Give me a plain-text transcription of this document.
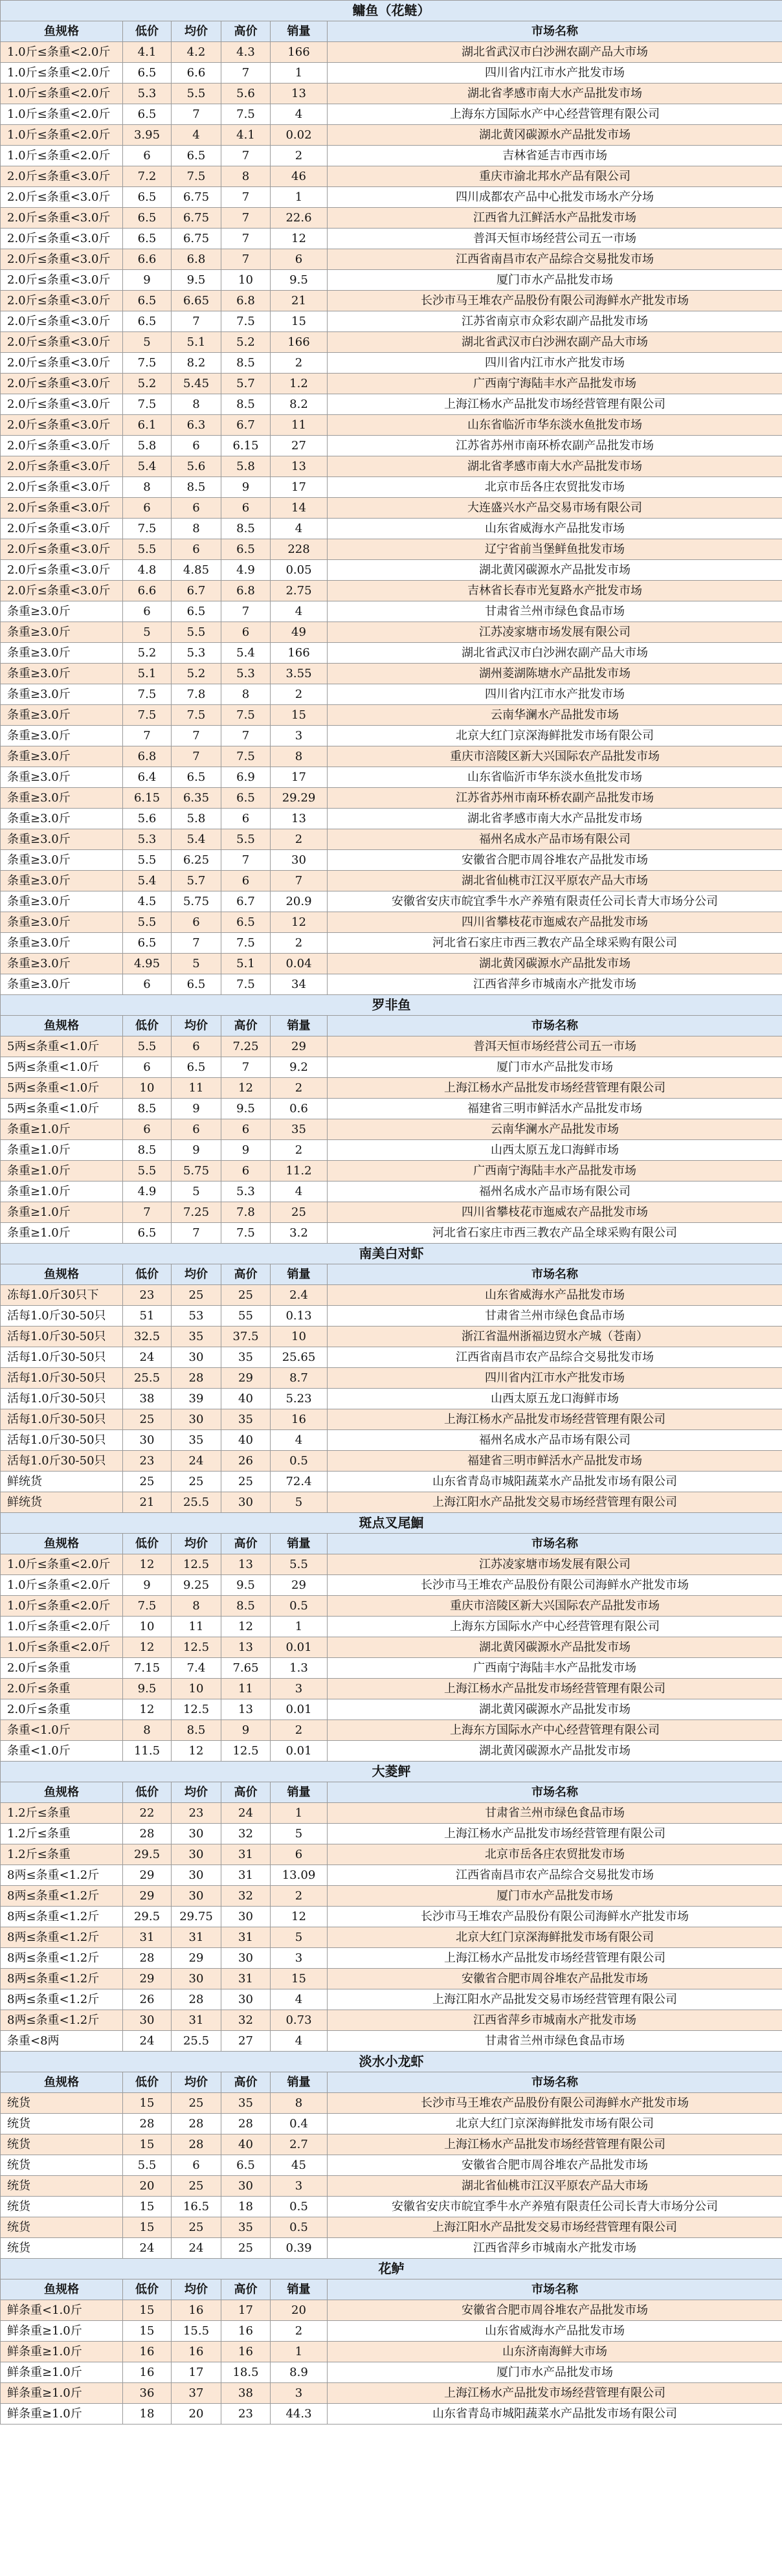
鳙鱼（花鲢）					
鱼规格	低价	均价	高价	销量	市场名称
1.0斤≤条重<2.0斤	4.1	4.2	4.3	166	湖北省武汉市白沙洲农副产品大市场
1.0斤≤条重<2.0斤	6.5	6.6	7	1	四川省内江市水产批发市场
1.0斤≤条重<2.0斤	5.3	5.5	5.6	13	湖北省孝感市南大水产品批发市场
1.0斤≤条重<2.0斤	6.5	7	7.5	4	上海东方国际水产中心经营管理有限公司
1.0斤≤条重<2.0斤	3.95	4	4.1	0.02	湖北黄冈碳源水产品批发市场
1.0斤≤条重<2.0斤	6	6.5	7	2	吉林省延吉市西市场
2.0斤≤条重<3.0斤	7.2	7.5	8	46	重庆市渝北邦水产品有限公司
2.0斤≤条重<3.0斤	6.5	6.75	7	1	四川成都农产品中心批发市场水产分场
2.0斤≤条重<3.0斤	6.5	6.75	7	22.6	江西省九江鲜活水产品批发市场
2.0斤≤条重<3.0斤	6.5	6.75	7	12	普洱天恒市场经营公司五一市场
2.0斤≤条重<3.0斤	6.6	6.8	7	6	江西省南昌市农产品综合交易批发市场
2.0斤≤条重<3.0斤	9	9.5	10	9.5	厦门市水产品批发市场
2.0斤≤条重<3.0斤	6.5	6.65	6.8	21	长沙市马王堆农产品股份有限公司海鲜水产批发市场
2.0斤≤条重<3.0斤	6.5	7	7.5	15	江苏省南京市众彩农副产品批发市场
2.0斤≤条重<3.0斤	5	5.1	5.2	166	湖北省武汉市白沙洲农副产品大市场
2.0斤≤条重<3.0斤	7.5	8.2	8.5	2	四川省内江市水产批发市场
2.0斤≤条重<3.0斤	5.2	5.45	5.7	1.2	广西南宁海陆丰水产品批发市场
2.0斤≤条重<3.0斤	7.5	8	8.5	8.2	上海江杨水产品批发市场经营管理有限公司
2.0斤≤条重<3.0斤	6.1	6.3	6.7	11	山东省临沂市华东淡水鱼批发市场
2.0斤≤条重<3.0斤	5.8	6	6.15	27	江苏省苏州市南环桥农副产品批发市场
2.0斤≤条重<3.0斤	5.4	5.6	5.8	13	湖北省孝感市南大水产品批发市场
2.0斤≤条重<3.0斤	8	8.5	9	17	北京市岳各庄农贸批发市场
2.0斤≤条重<3.0斤	6	6	6	14	大连盛兴水产品交易市场有限公司
2.0斤≤条重<3.0斤	7.5	8	8.5	4	山东省威海水产品批发市场
2.0斤≤条重<3.0斤	5.5	6	6.5	228	辽宁省前当堡鲜鱼批发市场
2.0斤≤条重<3.0斤	4.8	4.85	4.9	0.05	湖北黄冈碳源水产品批发市场
2.0斤≤条重<3.0斤	6.6	6.7	6.8	2.75	吉林省长春市光复路水产批发市场
条重≥3.0斤	6	6.5	7	4	甘肃省兰州市绿色食品市场
条重≥3.0斤	5	5.5	6	49	江苏凌家塘市场发展有限公司
条重≥3.0斤	5.2	5.3	5.4	166	湖北省武汉市白沙洲农副产品大市场
条重≥3.0斤	5.1	5.2	5.3	3.55	湖州菱湖陈塘水产品批发市场
条重≥3.0斤	7.5	7.8	8	2	四川省内江市水产批发市场
条重≥3.0斤	7.5	7.5	7.5	15	云南华澜水产品批发市场
条重≥3.0斤	7	7	7	3	北京大红门京深海鲜批发市场有限公司
条重≥3.0斤	6.8	7	7.5	8	重庆市涪陵区新大兴国际农产品批发市场
条重≥3.0斤	6.4	6.5	6.9	17	山东省临沂市华东淡水鱼批发市场
条重≥3.0斤	6.15	6.35	6.5	29.29	江苏省苏州市南环桥农副产品批发市场
条重≥3.0斤	5.6	5.8	6	13	湖北省孝感市南大水产品批发市场
条重≥3.0斤	5.3	5.4	5.5	2	福州名成水产品市场有限公司
条重≥3.0斤	5.5	6.25	7	30	安徽省合肥市周谷堆农产品批发市场
条重≥3.0斤	5.4	5.7	6	7	湖北省仙桃市江汉平原农产品大市场
条重≥3.0斤	4.5	5.75	6.7	20.9	安徽省安庆市皖宜季牛水产养殖有限责任公司长青大市场分公司
条重≥3.0斤	5.5	6	6.5	12	四川省攀枝花市迤威农产品批发市场
条重≥3.0斤	6.5	7	7.5	2	河北省石家庄市西三教农产品全球采购有限公司
条重≥3.0斤	4.95	5	5.1	0.04	湖北黄冈碳源水产品批发市场
条重≥3.0斤	6	6.5	7.5	34	江西省萍乡市城南水产批发市场
罗非鱼					
鱼规格	低价	均价	高价	销量	市场名称
5两≤条重<1.0斤	5.5	6	7.25	29	普洱天恒市场经营公司五一市场
5两≤条重<1.0斤	6	6.5	7	9.2	厦门市水产品批发市场
5两≤条重<1.0斤	10	11	12	2	上海江杨水产品批发市场经营管理有限公司
5两≤条重<1.0斤	8.5	9	9.5	0.6	福建省三明市鲜活水产品批发市场
条重≥1.0斤	6	6	6	35	云南华澜水产品批发市场
条重≥1.0斤	8.5	9	9	2	山西太原五龙口海鲜市场
条重≥1.0斤	5.5	5.75	6	11.2	广西南宁海陆丰水产品批发市场
条重≥1.0斤	4.9	5	5.3	4	福州名成水产品市场有限公司
条重≥1.0斤	7	7.25	7.8	25	四川省攀枝花市迤威农产品批发市场
条重≥1.0斤	6.5	7	7.5	3.2	河北省石家庄市西三教农产品全球采购有限公司
南美白对虾					
鱼规格	低价	均价	高价	销量	市场名称
冻每1.0斤30只下	23	25	25	2.4	山东省威海水产品批发市场
活每1.0斤30-50只	51	53	55	0.13	甘肃省兰州市绿色食品市场
活每1.0斤30-50只	32.5	35	37.5	10	浙江省温州浙福边贸水产城（苍南）
活每1.0斤30-50只	24	30	35	25.65	江西省南昌市农产品综合交易批发市场
活每1.0斤30-50只	25.5	28	29	8.7	四川省内江市水产批发市场
活每1.0斤30-50只	38	39	40	5.23	山西太原五龙口海鲜市场
活每1.0斤30-50只	25	30	35	16	上海江杨水产品批发市场经营管理有限公司
活每1.0斤30-50只	30	35	40	4	福州名成水产品市场有限公司
活每1.0斤30-50只	23	24	26	0.5	福建省三明市鲜活水产品批发市场
鲜统货	25	25	25	72.4	山东省青岛市城阳蔬菜水产品批发市场有限公司
鲜统货	21	25.5	30	5	上海江阳水产品批发交易市场经营管理有限公司
斑点叉尾鮰					
鱼规格	低价	均价	高价	销量	市场名称
1.0斤≤条重<2.0斤	12	12.5	13	5.5	江苏凌家塘市场发展有限公司
1.0斤≤条重<2.0斤	9	9.25	9.5	29	长沙市马王堆农产品股份有限公司海鲜水产批发市场
1.0斤≤条重<2.0斤	7.5	8	8.5	0.5	重庆市涪陵区新大兴国际农产品批发市场
1.0斤≤条重<2.0斤	10	11	12	1	上海东方国际水产中心经营管理有限公司
1.0斤≤条重<2.0斤	12	12.5	13	0.01	湖北黄冈碳源水产品批发市场
2.0斤≤条重	7.15	7.4	7.65	1.3	广西南宁海陆丰水产品批发市场
2.0斤≤条重	9.5	10	11	3	上海江杨水产品批发市场经营管理有限公司
2.0斤≤条重	12	12.5	13	0.01	湖北黄冈碳源水产品批发市场
条重<1.0斤	8	8.5	9	2	上海东方国际水产中心经营管理有限公司
条重<1.0斤	11.5	12	12.5	0.01	湖北黄冈碳源水产品批发市场
大菱鲆					
鱼规格	低价	均价	高价	销量	市场名称
1.2斤≤条重	22	23	24	1	甘肃省兰州市绿色食品市场
1.2斤≤条重	28	30	32	5	上海江杨水产品批发市场经营管理有限公司
1.2斤≤条重	29.5	30	31	6	北京市岳各庄农贸批发市场
8两≤条重<1.2斤	29	30	31	13.09	江西省南昌市农产品综合交易批发市场
8两≤条重<1.2斤	29	30	32	2	厦门市水产品批发市场
8两≤条重<1.2斤	29.5	29.75	30	12	长沙市马王堆农产品股份有限公司海鲜水产批发市场
8两≤条重<1.2斤	31	31	31	5	北京大红门京深海鲜批发市场有限公司
8两≤条重<1.2斤	28	29	30	3	上海江杨水产品批发市场经营管理有限公司
8两≤条重<1.2斤	29	30	31	15	安徽省合肥市周谷堆农产品批发市场
8两≤条重<1.2斤	26	28	30	4	上海江阳水产品批发交易市场经营管理有限公司
8两≤条重<1.2斤	30	31	32	0.73	江西省萍乡市城南水产批发市场
条重<8两	24	25.5	27	4	甘肃省兰州市绿色食品市场
淡水小龙虾					
鱼规格	低价	均价	高价	销量	市场名称
统货	15	25	35	8	长沙市马王堆农产品股份有限公司海鲜水产批发市场
统货	28	28	28	0.4	北京大红门京深海鲜批发市场有限公司
统货	15	28	40	2.7	上海江杨水产品批发市场经营管理有限公司
统货	5.5	6	6.5	45	安徽省合肥市周谷堆农产品批发市场
统货	20	25	30	3	湖北省仙桃市江汉平原农产品大市场
统货	15	16.5	18	0.5	安徽省安庆市皖宜季牛水产养殖有限责任公司长青大市场分公司
统货	15	25	35	0.5	上海江阳水产品批发交易市场经营管理有限公司
统货	24	24	25	0.39	江西省萍乡市城南水产批发市场
花鲈					
鱼规格	低价	均价	高价	销量	市场名称
鲜条重<1.0斤	15	16	17	20	安徽省合肥市周谷堆农产品批发市场
鲜条重≥1.0斤	15	15.5	16	2	山东省威海水产品批发市场
鲜条重≥1.0斤	16	16	16	1	山东济南海鲜大市场
鲜条重≥1.0斤	16	17	18.5	8.9	厦门市水产品批发市场
鲜条重≥1.0斤	36	37	38	3	上海江杨水产品批发市场经营管理有限公司
鲜条重≥1.0斤	18	20	23	44.3	山东省青岛市城阳蔬菜水产品批发市场有限公司
